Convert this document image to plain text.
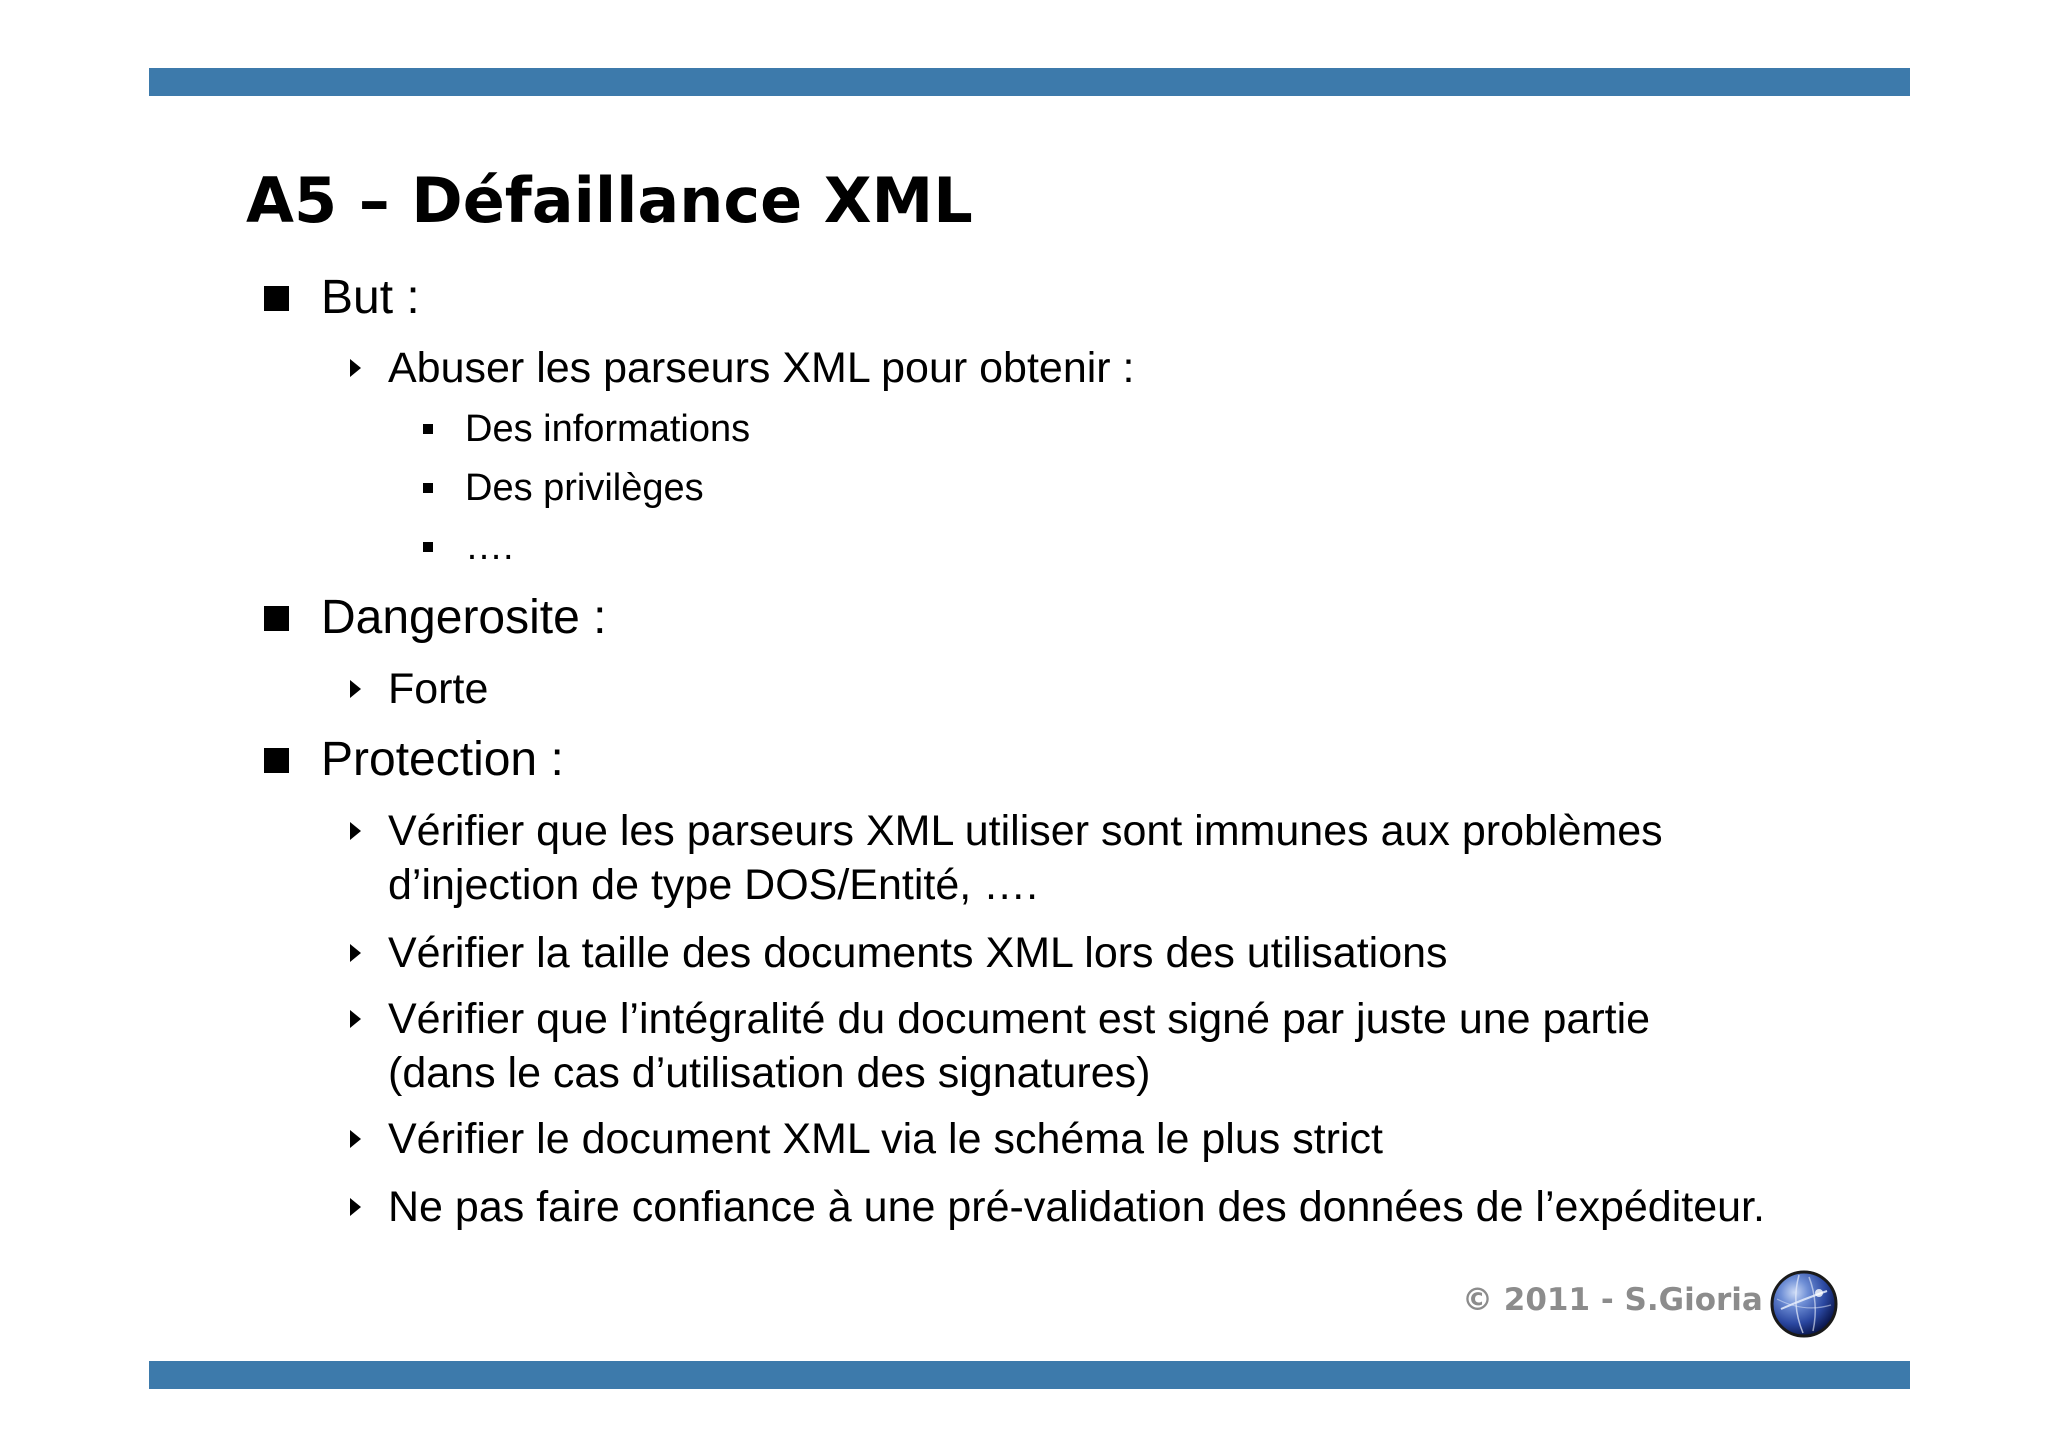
A5 – Défaillance XML
But :
Abuser les parseurs XML pour obtenir :
Des informations
Des privilèges
….
Dangerosite :
Forte
Protection :
Vérifier que les parseurs XML utiliser sont immunes aux problèmes
d’injection de type DOS/Entité, ….
Vérifier la taille des documents XML lors des utilisations
Vérifier que l’intégralité du document est signé par juste une partie
(dans le cas d’utilisation des signatures)
Vérifier le document XML via le schéma le plus strict
Ne pas faire confiance à une pré-validation des données de l’expéditeur.
© 2011 - S.Gioria
